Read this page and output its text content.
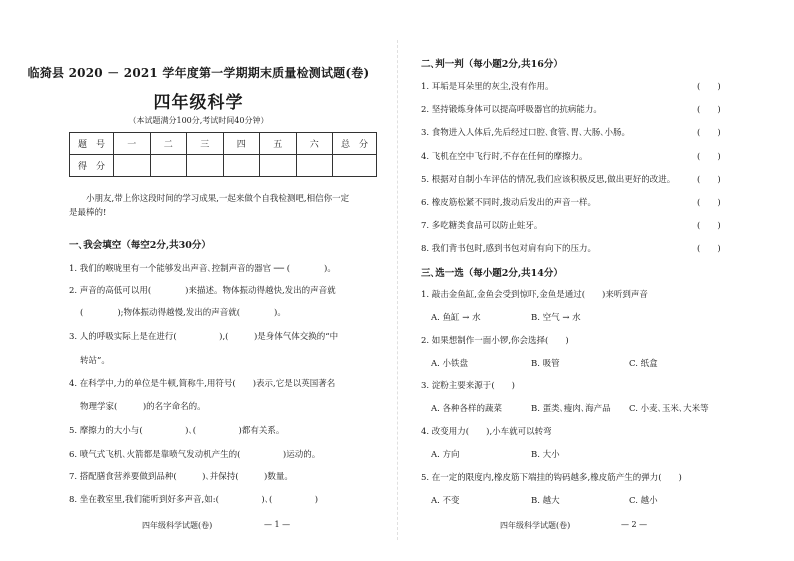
临猗县 2020 － 2021 学年度第一学期期末质量检测试题(卷)
四年级科学
（本试题满分100分,考试时间40分钟）
题　号	一	二	三	四	五	六	总　分
得　分							
小朋友,带上你这段时间的学习成果,一起来做个自我检测吧,相信你一定
是最棒的!
一､我会填空（每空2分,共30分）
1. 我们的喉咙里有一个能够发出声音､控制声音的器官 ── (　　　　)。
2. 声音的高低可以用(　　　　)来描述。物体振动得越快,发出的声音就
(　　　　);物体振动得越慢,发出的声音就(　　　　)。
3. 人的呼吸实际上是在进行(　　　　　),(　　　)是身体气体交换的“中
转站”。
4. 在科学中,力的单位是牛顿,简称牛,用符号(　　)表示,它是以英国著名
物理学家(　　　)的名字命名的。
5. 摩擦力的大小与(　　　　　)､(　　　　　)都有关系。
6. 喷气式飞机､火箭都是靠喷气发动机产生的(　　　　　)运动的。
7. 搭配膳食营养要做到品种(　　　)､并保持(　　　)数量。
8. 坐在教室里,我们能听到好多声音,如:(　　　　　)､(　　　　　)
四年级科学试题(卷)	— 1 —
二､判一判（每小题2分,共16分）
1. 耳垢是耳朵里的灰尘,没有作用。	(　　)
2. 坚持锻炼身体可以提高呼吸器官的抗病能力。	(　　)
3. 食物进入人体后,先后经过口腔､食管､胃､大肠､小肠。	(　　)
4. 飞机在空中飞行时,不存在任何的摩擦力。	(　　)
5. 根据对自制小车评估的情况,我们应该积极反思,做出更好的改进。	(　　)
6. 橡皮筋松紧不同时,拨动后发出的声音一样。	(　　)
7. 多吃糖类食品可以防止蛀牙。	(　　)
8. 我们背书包时,感到书包对肩有向下的压力。	(　　)
三､选一选（每小题2分,共14分）
1. 敲击金鱼缸,金鱼会受到惊吓,金鱼是通过(　　)来听到声音
A. 鱼缸 → 水	B. 空气 → 水
2. 如果想制作一面小锣,你会选择(　　)
A. 小铁盘	B. 吸管	C. 纸盒
3. 淀粉主要来源于(　　)
A. 各种各样的蔬菜	B. 蛋类､瘦肉､海产品 C. 小麦､玉米､大米等
4. 改变用力(　　),小车就可以转弯
A. 方向	B. 大小
5. 在一定的限度内,橡皮筋下端挂的钩码越多,橡皮筋产生的弹力(　　)
A. 不变	B. 越大	C. 越小
四年级科学试题(卷)	— 2 —
